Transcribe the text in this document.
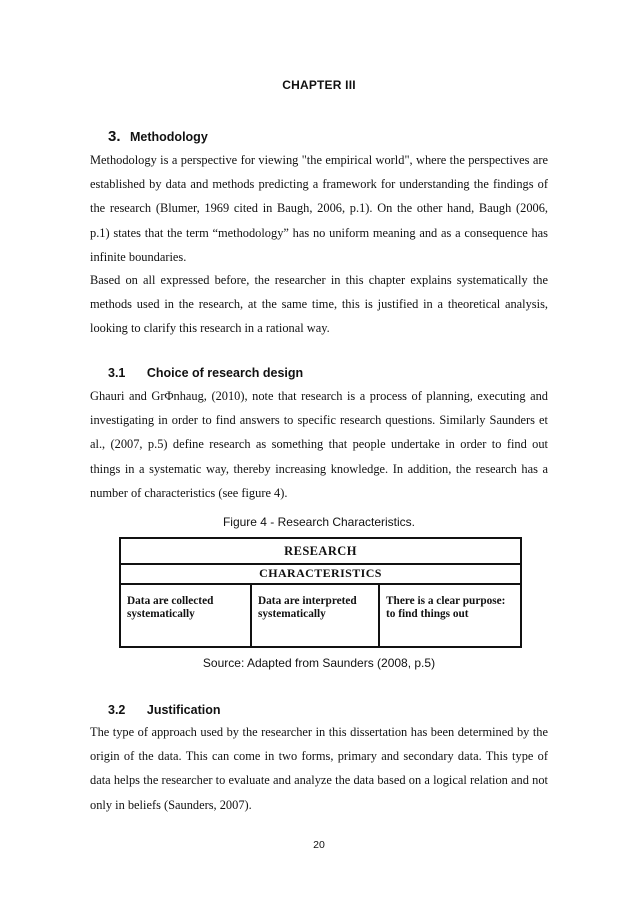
CHAPTER III
3. Methodology

Methodology is a perspective for viewing "the empirical world", where the perspectives are established by data and methods predicting a framework for understanding the findings of the research (Blumer, 1969 cited in Baugh, 2006, p.1). On the other hand, Baugh (2006, p.1) states that the term “methodology” has no uniform meaning and as a consequence has infinite boundaries.

Based on all expressed before, the researcher in this chapter explains systematically the methods used in the research, at the same time, this is justified in a theoretical analysis, looking to clarify this research in a rational way.

3.1 Choice of research design

Ghauri and GrΦnhaug, (2010), note that research is a process of planning, executing and investigating in order to find answers to specific research questions. Similarly Saunders et al., (2007, p.5) define research as something that people undertake in order to find out things in a systematic way, thereby increasing knowledge. In addition, the research has a number of characteristics (see figure 4).

Figure 4 - Research Characteristics.
RESEARCH
CHARACTERISTICS
Data are collected systematically
Data are interpreted systematically
There is a clear purpose: to find things out
Source: Adapted from Saunders (2008, p.5)
3.2 Justification

The type of approach used by the researcher in this dissertation has been determined by the origin of the data. This can come in two forms, primary and secondary data. This type of data helps the researcher to evaluate and analyze the data based on a logical relation and not only in beliefs (Saunders, 2007).

20
